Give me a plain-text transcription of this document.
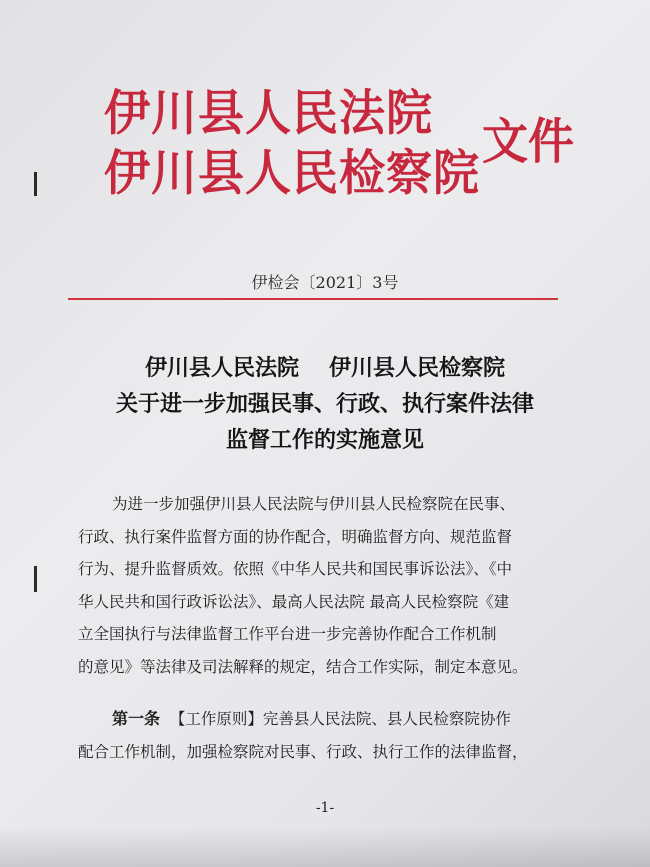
伊川县人民法院
伊川县人民检察院
文件
伊检会〔2021〕3号
伊川县人民法院 伊川县人民检察院
关于进一步加强民事、行政、执行案件法律
监督工作的实施意见
为进一步加强伊川县人民法院与伊川县人民检察院在民事、
行政、执行案件监督方面的协作配合，明确监督方向、规范监督
行为、提升监督质效。依照《中华人民共和国民事诉讼法》、《中
华人民共和国行政诉讼法》、最高人民法院 最高人民检察院《建
立全国执行与法律监督工作平台进一步完善协作配合工作机制
的意见》等法律及司法解释的规定，结合工作实际，制定本意见。
第一条 【工作原则】完善县人民法院、县人民检察院协作
配合工作机制，加强检察院对民事、行政、执行工作的法律监督，
-1-
